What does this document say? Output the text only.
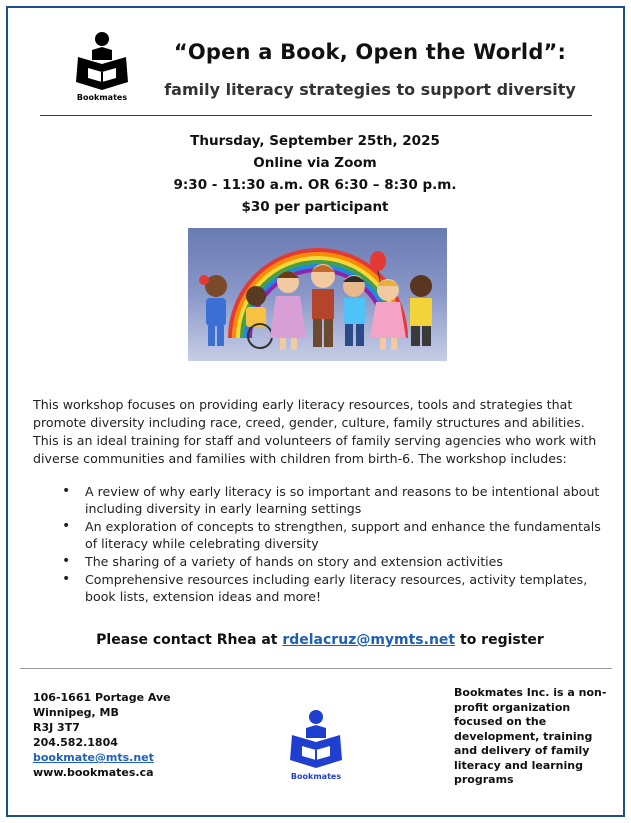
Bookmates
“Open a Book, Open the World”:
family literacy strategies to support diversity
Thursday, September 25th, 2025
Online via Zoom
9:30 - 11:30 a.m. OR 6:30 – 8:30 p.m.
$30 per participant
This workshop focuses on providing early literacy resources, tools and strategies that promote diversity including race, creed, gender, culture, family structures and abilities. This is an ideal training for staff and volunteers of family serving agencies who work with diverse communities and families with children from birth-6. The workshop includes:
• A review of why early literacy is so important and reasons to be intentional about including diversity in early learning settings
• An exploration of concepts to strengthen, support and enhance the fundamentals of literacy while celebrating diversity
• The sharing of a variety of hands on story and extension activities
• Comprehensive resources including early literacy resources, activity templates, book lists, extension ideas and more!
Please contact Rhea at rdelacruz@mymts.net to register
106-1661 Portage Ave
Winnipeg, MB
R3J 3T7
204.582.1804
bookmate@mts.net
www.bookmates.ca	Bookmates
Bookmates Inc. is a non-profit organization focused on the development, training and delivery of family literacy and learning programs
